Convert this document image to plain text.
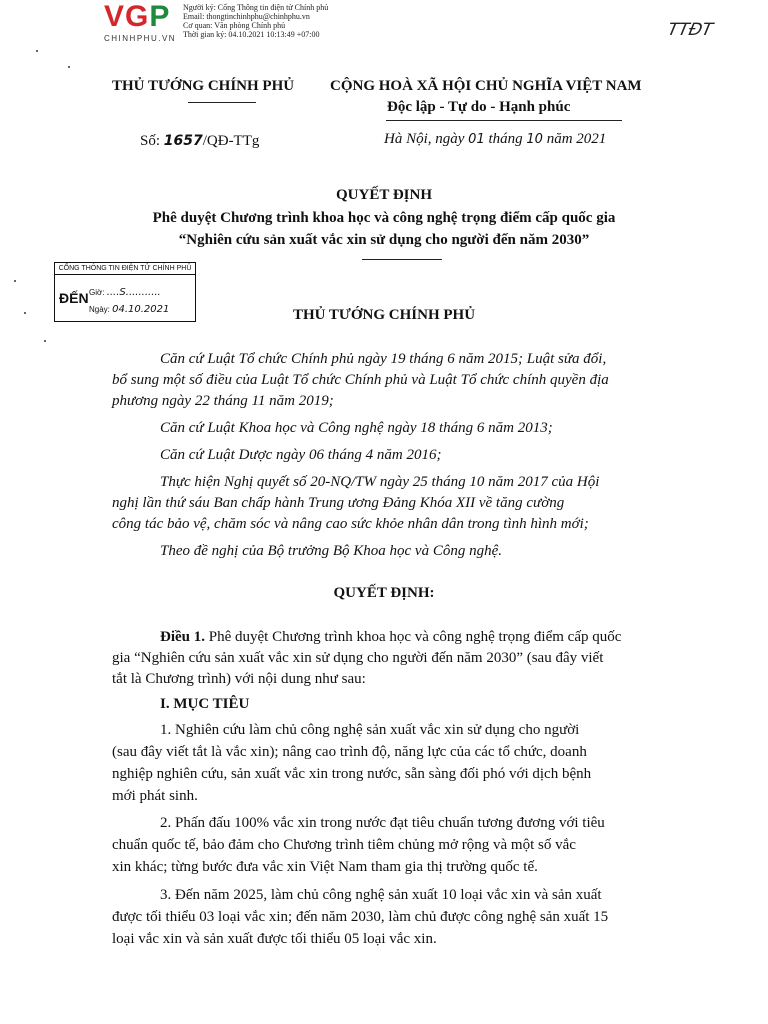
VGP
CHINHPHU.VN
Người ký: Cổng Thông tin điện tử Chính phủ
Email: thongtinchinhphu@chinhphu.vn
Cơ quan: Văn phòng Chính phủ
Thời gian ký: 04.10.2021 10:13:49 +07:00	TTĐT
THỦ TƯỚNG CHÍNH PHỦ CỘNG HOÀ XÃ HỘI CHỦ NGHĨA VIỆT NAM
Độc lập - Tự do - Hạnh phúc
Số: 1657/QĐ-TTg	Hà Nội, ngày 01 tháng 10 năm 2021
QUYẾT ĐỊNH
Phê duyệt Chương trình khoa học và công nghệ trọng điểm cấp quốc gia
“Nghiên cứu sản xuất vắc xin sử dụng cho người đến năm 2030”
CỔNG THÔNG TIN ĐIỆN TỬ CHÍNH PHỦ
ĐẾN Giờ: ....S...........
Ngày: 04.10.2021	THỦ TƯỚNG CHÍNH PHỦ
Căn cứ Luật Tổ chức Chính phủ ngày 19 tháng 6 năm 2015; Luật sửa đổi,
bổ sung một số điều của Luật Tổ chức Chính phủ và Luật Tổ chức chính quyền địa
phương ngày 22 tháng 11 năm 2019;
Căn cứ Luật Khoa học và Công nghệ ngày 18 tháng 6 năm 2013;
Căn cứ Luật Dược ngày 06 tháng 4 năm 2016;
Thực hiện Nghị quyết số 20-NQ/TW ngày 25 tháng 10 năm 2017 của Hội
nghị lần thứ sáu Ban chấp hành Trung ương Đảng Khóa XII về tăng cường
công tác bảo vệ, chăm sóc và nâng cao sức khỏe nhân dân trong tình hình mới;
Theo đề nghị của Bộ trưởng Bộ Khoa học và Công nghệ.
QUYẾT ĐỊNH:
Điều 1. Phê duyệt Chương trình khoa học và công nghệ trọng điểm cấp quốc
gia “Nghiên cứu sản xuất vắc xin sử dụng cho người đến năm 2030” (sau đây viết
tắt là Chương trình) với nội dung như sau:
I. MỤC TIÊU
1. Nghiên cứu làm chủ công nghệ sản xuất vắc xin sử dụng cho người
(sau đây viết tắt là vắc xin); nâng cao trình độ, năng lực của các tổ chức, doanh
nghiệp nghiên cứu, sản xuất vắc xin trong nước, sẵn sàng đối phó với dịch bệnh
mới phát sinh.
2. Phấn đấu 100% vắc xin trong nước đạt tiêu chuẩn tương đương với tiêu
chuẩn quốc tế, bảo đảm cho Chương trình tiêm chủng mở rộng và một số vắc
xin khác; từng bước đưa vắc xin Việt Nam tham gia thị trường quốc tế.
3. Đến năm 2025, làm chủ công nghệ sản xuất 10 loại vắc xin và sản xuất
được tối thiểu 03 loại vắc xin; đến năm 2030, làm chủ được công nghệ sản xuất 15
loại vắc xin và sản xuất được tối thiểu 05 loại vắc xin.
